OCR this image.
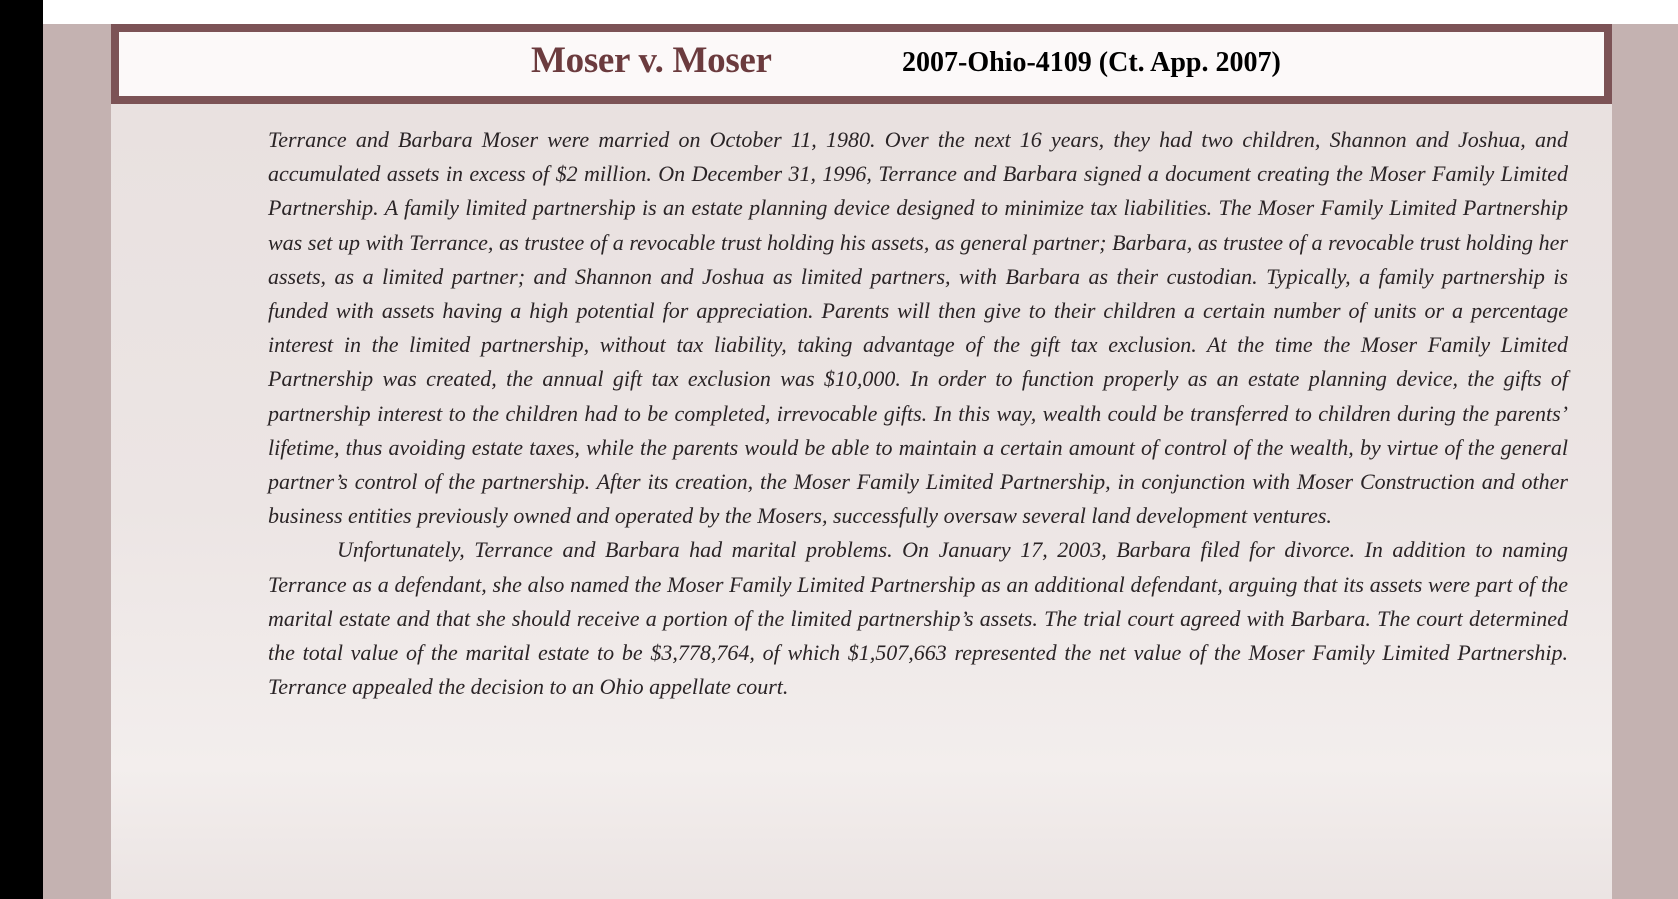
Moser v. Moser	2007-Ohio-4109 (Ct. App. 2007)

Terrance and Barbara Moser were married on October 11, 1980. Over the next 16 years, they had two children, Shannon and Joshua, and accumulated assets in excess of $2 million. On December 31, 1996, Terrance and Barbara signed a document creating the Moser Family Limited Partnership. A family limited partnership is an estate planning device designed to minimize tax liabilities. The Moser Family Limited Partnership was set up with Terrance, as trustee of a revocable trust holding his assets, as general partner; Barbara, as trustee of a revocable trust holding her assets, as a limited partner; and Shannon and Joshua as limited partners, with Barbara as their custodian. Typically, a family partnership is funded with assets having a high potential for appreciation. Parents will then give to their children a certain number of units or a percentage interest in the limited partnership, without tax liability, taking advantage of the gift tax exclusion. At the time the Moser Family Limited Partnership was created, the annual gift tax exclusion was $10,000. In order to function properly as an estate planning device, the gifts of partnership interest to the children had to be completed, irrevocable gifts. In this way, wealth could be transferred to children during the parents’ lifetime, thus avoiding estate taxes, while the parents would be able to maintain a certain amount of control of the wealth, by virtue of the general partner’s control of the partnership. After its creation, the Moser Family Limited Partnership, in conjunction with Moser Construction and other business entities previously owned and operated by the Mosers, successfully oversaw several land development ventures.

Unfortunately, Terrance and Barbara had marital problems. On January 17, 2003, Barbara filed for divorce. In addition to naming Terrance as a defendant, she also named the Moser Family Limited Partnership as an additional defendant, arguing that its assets were part of the marital estate and that she should receive a portion of the limited partnership’s assets. The trial court agreed with Barbara. The court determined the total value of the marital estate to be $3,778,764, of which $1,507,663 represented the net value of the Moser Family Limited Partnership. Terrance appealed the decision to an Ohio appellate court.
